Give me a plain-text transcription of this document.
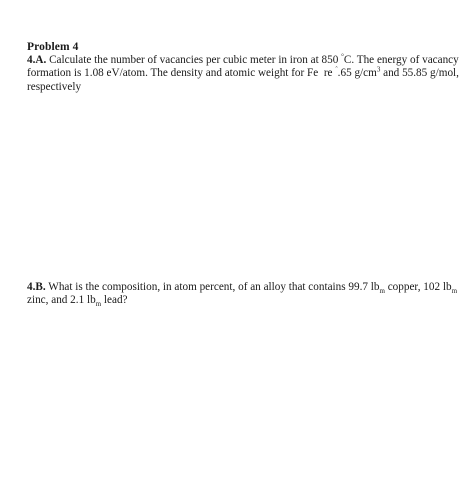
Problem 4
4.A. Calculate the number of vacancies per cubic meter in iron at 850 °C. The energy of vacancy
formation is 1.08 eV/atom. The density and atomic weight for Fe re $^ˆ$.65 $g/cm^3$ and 55.85 g/mol,
respectively
4.B. What is the composition, in atom percent, of an alloy that contains 99.7 $lb_m$ copper, 102 $lb_m$
zinc, and 2.1 $lb_m$ lead?
